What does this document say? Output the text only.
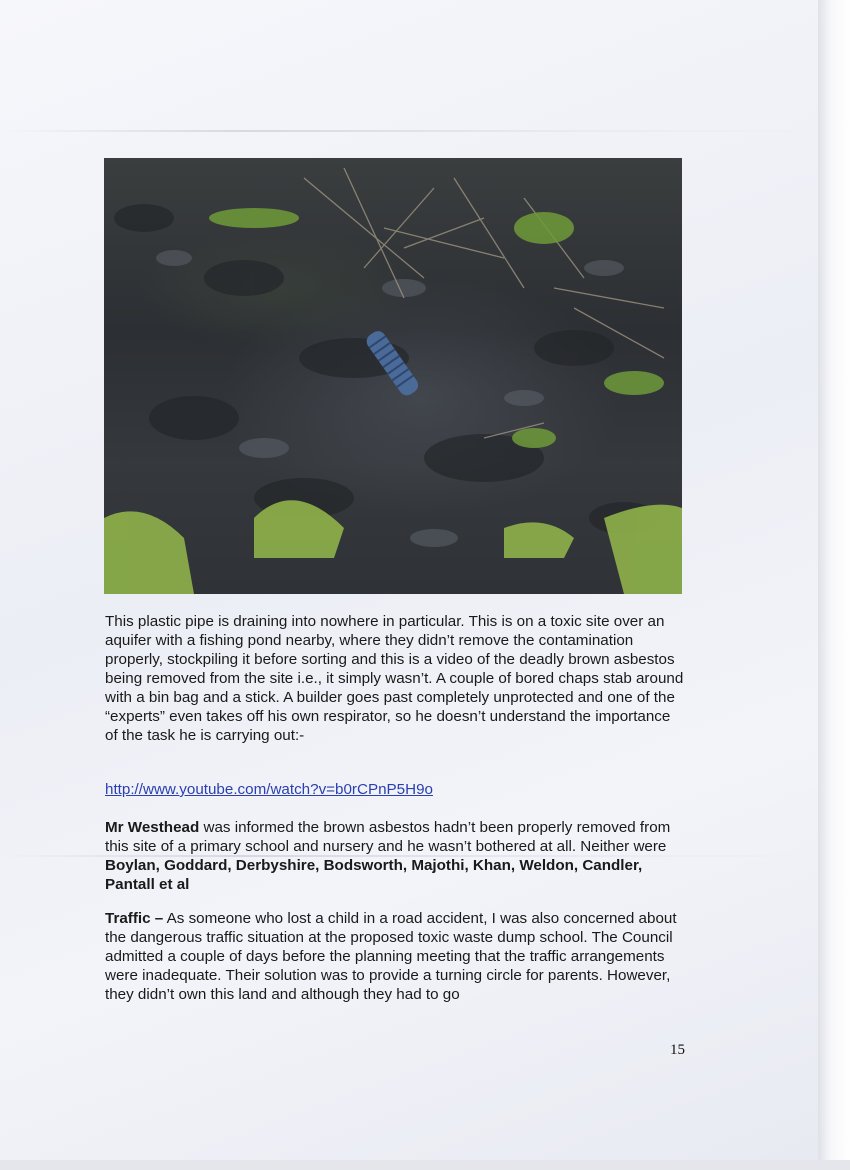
This plastic pipe is draining into nowhere in particular. This is on a toxic site over an aquifer with a fishing pond nearby, where they didn’t remove the contamination properly, stockpiling it before sorting and this is a video of the deadly brown asbestos being removed from the site i.e., it simply wasn’t. A couple of bored chaps stab around with a bin bag and a stick. A builder goes past completely unprotected and one of the “experts” even takes off his own respirator, so he doesn’t understand the importance of the task he is carrying out:-

http://www.youtube.com/watch?v=b0rCPnP5H9o

Mr Westhead was informed the brown asbestos hadn’t been properly removed from this site of a primary school and nursery and he wasn’t bothered at all. Neither were Boylan, Goddard, Derbyshire, Bodsworth, Majothi, Khan, Weldon, Candler, Pantall et al

Traffic – As someone who lost a child in a road accident, I was also concerned about the dangerous traffic situation at the proposed toxic waste dump school. The Council admitted a couple of days before the planning meeting that the traffic arrangements were inadequate. Their solution was to provide a turning circle for parents. However, they didn’t own this land and although they had to go

15
